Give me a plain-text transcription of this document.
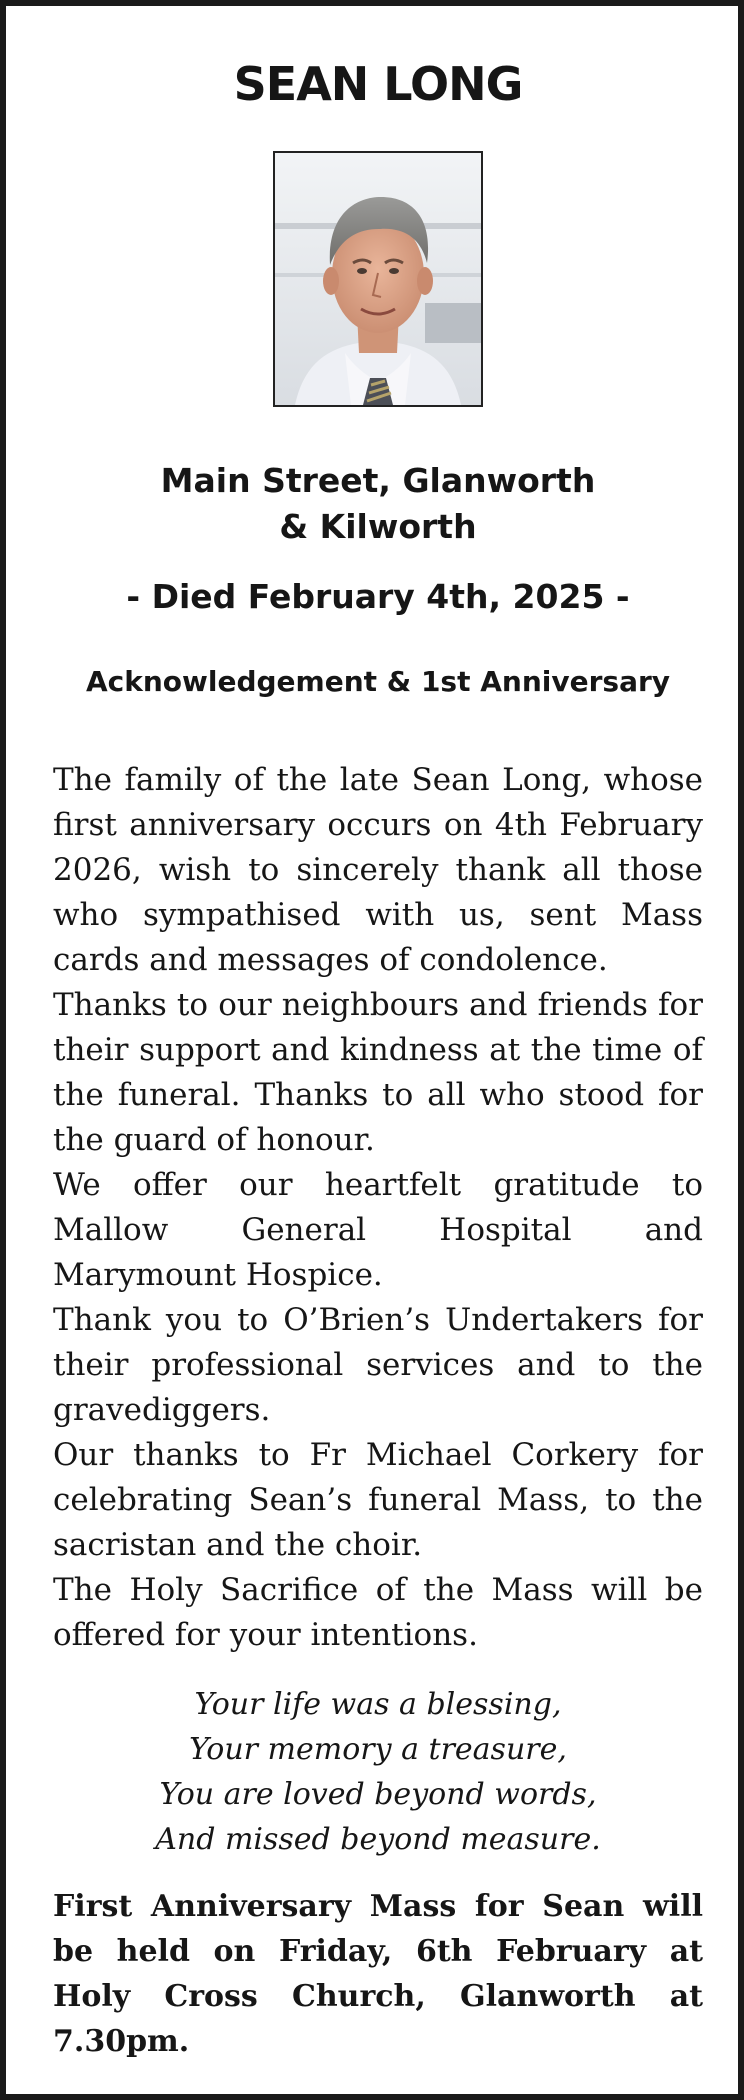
SEAN LONG
Main Street, Glanworth
& Kilworth
- Died February 4th, 2025 -
Acknowledgement & 1st Anniversary

The family of the late Sean Long, whose first anniversary occurs on 4th February 2026, wish to sincerely thank all those who sympathised with us, sent Mass cards and messages of condolence.

Thanks to our neighbours and friends for their support and kindness at the time of the funeral. Thanks to all who stood for the guard of honour.

We offer our heartfelt gratitude to Mallow General Hospital and Marymount Hospice.

Thank you to O’Brien’s Undertakers for their professional services and to the gravediggers.

Our thanks to Fr Michael Corkery for celebrating Sean’s funeral Mass, to the sacristan and the choir.

The Holy Sacrifice of the Mass will be offered for your intentions.

Your life was a blessing,
Your memory a treasure,
You are loved beyond words,
And missed beyond measure.
First Anniversary Mass for Sean will be held on Friday, 6th February at Holy Cross Church, Glanworth at 7.30pm.
